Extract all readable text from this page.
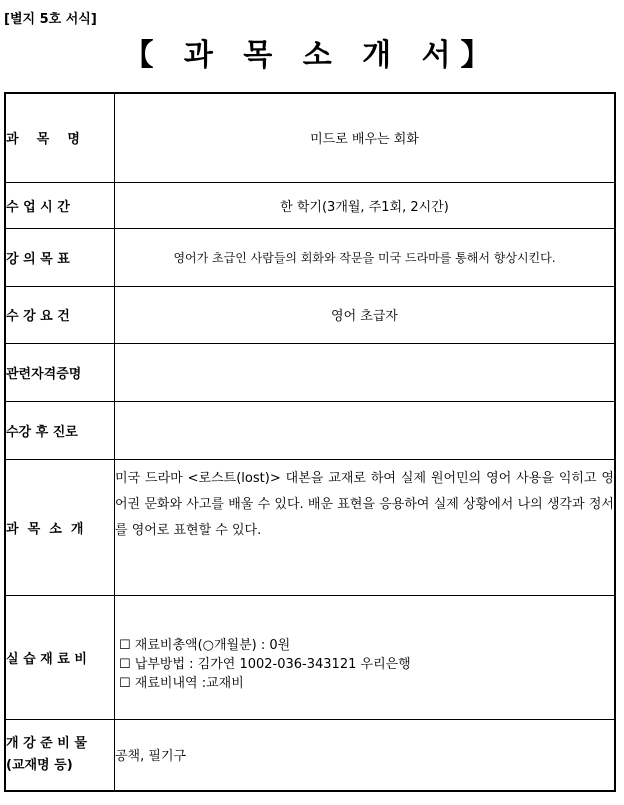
[별지 5호 서식]
【 과 목 소 개 서】
과    목    명	미드로 배우는 회화
수 업 시 간	한 학기(3개월, 주1회, 2시간)
강 의 목 표	영어가 초급인 사람들의 회화와 작문을 미국 드라마를 통해서 향상시킨다.
수 강 요 건	영어 초급자
관련자격증명	
수강 후 진로	
과  목  소  개	미국 드라마 <로스트(lost)> 대본을 교재로 하여 실제 원어민의 영어 사용을 익히고 영어권 문화와 사고를 배울 수 있다. 배운 표현을 응용하여 실제 상황에서 나의 생각과 정서를 영어로 표현할 수 있다.

실 습 재 료 비	☐ 재료비총액(○개월분) : 0원
☐ 납부방법 : 김가연 1002-036-343121 우리은행
☐ 재료비내역 :교재비

개 강 준 비 물
(교재명 등)	공책, 필기구
